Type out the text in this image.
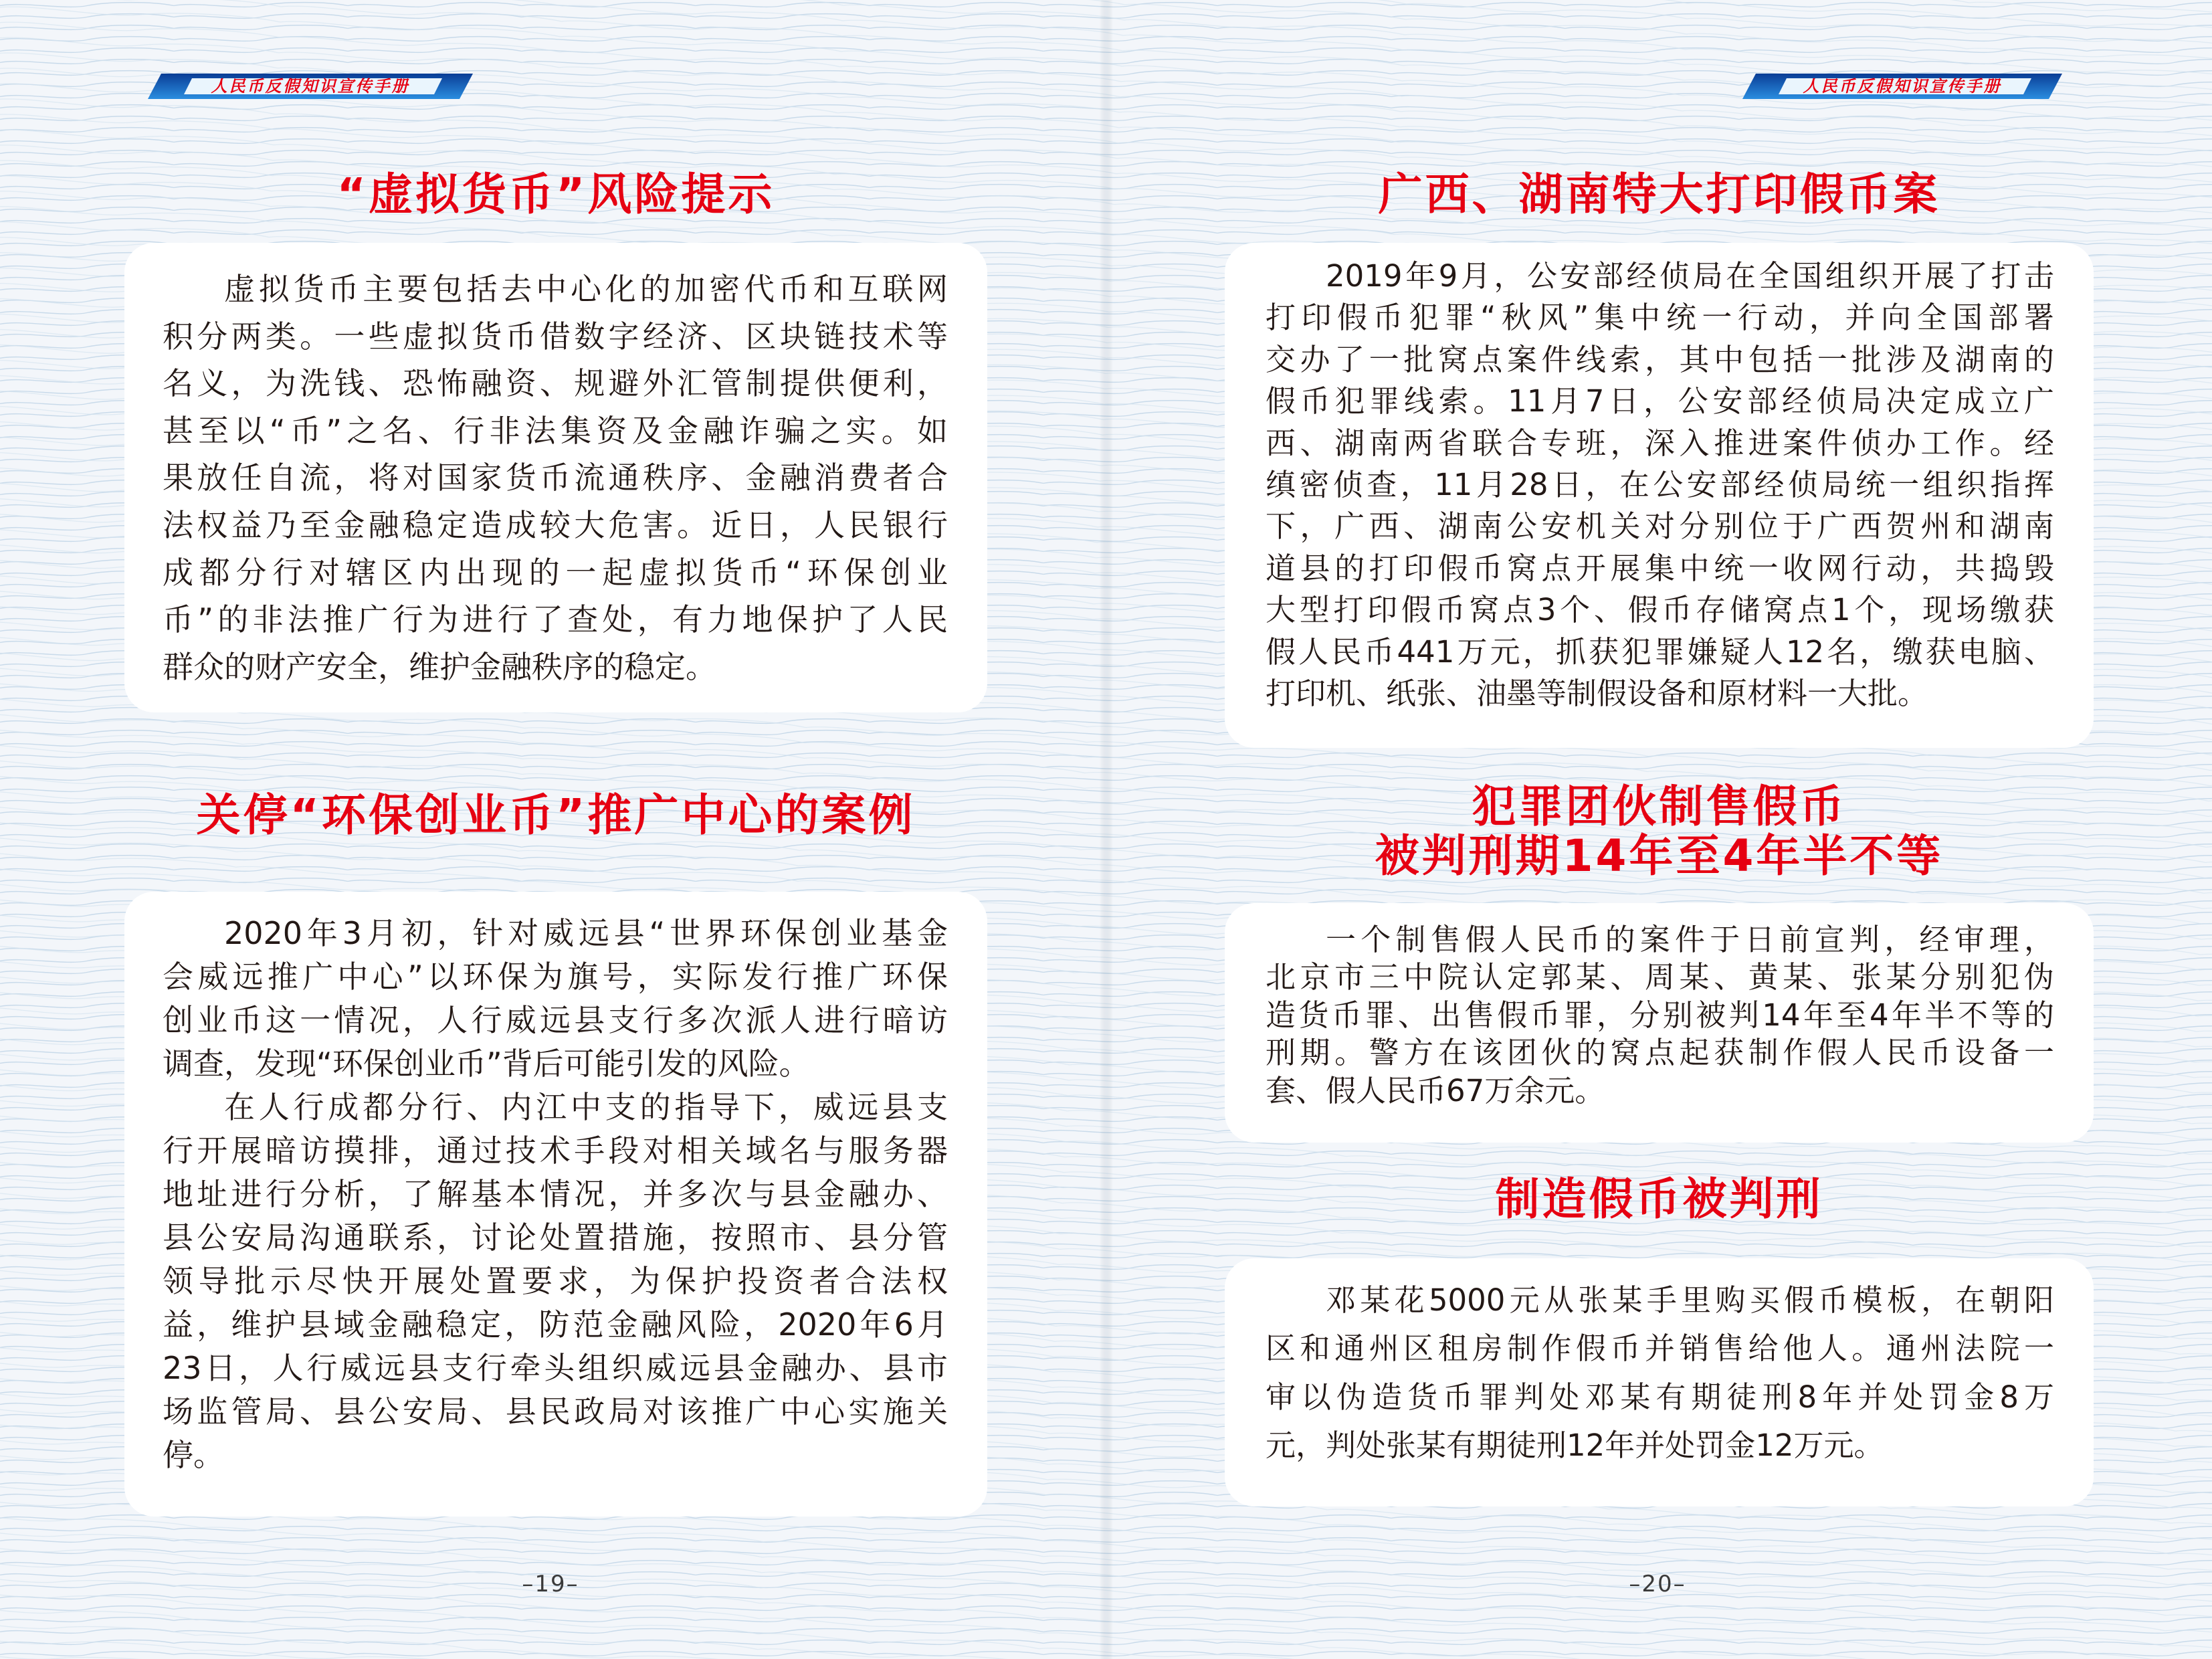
人民币反假知识宣传手册
“虚拟货币”风险提示
虚拟货币主要包括去中心化的加密代币和互联网
积分两类。一些虚拟货币借数字经济、区块链技术等
名义，为洗钱、恐怖融资、规避外汇管制提供便利，
甚至以“币”之名、行非法集资及金融诈骗之实。如
果放任自流，将对国家货币流通秩序、金融消费者合
法权益乃至金融稳定造成较大危害。近日，人民银行
成都分行对辖区内出现的一起虚拟货币“环保创业
币”的非法推广行为进行了查处，有力地保护了人民
群众的财产安全，维护金融秩序的稳定。
关停“环保创业币”推广中心的案例
2020年3月初，针对威远县“世界环保创业基金
会威远推广中心”以环保为旗号，实际发行推广环保
创业币这一情况，人行威远县支行多次派人进行暗访
调查，发现“环保创业币”背后可能引发的风险。
在人行成都分行、内江中支的指导下，威远县支
行开展暗访摸排，通过技术手段对相关域名与服务器
地址进行分析，了解基本情况，并多次与县金融办、
县公安局沟通联系，讨论处置措施，按照市、县分管
领导批示尽快开展处置要求，为保护投资者合法权
益，维护县域金融稳定，防范金融风险，2020年6月
23日，人行威远县支行牵头组织威远县金融办、县市
场监管局、县公安局、县民政局对该推广中心实施关
停。
–19–
人民币反假知识宣传手册
广西、湖南特大打印假币案
2019年9月，公安部经侦局在全国组织开展了打击
打印假币犯罪“秋风”集中统一行动，并向全国部署
交办了一批窝点案件线索，其中包括一批涉及湖南的
假币犯罪线索。11月7日，公安部经侦局决定成立广
西、湖南两省联合专班，深入推进案件侦办工作。经
缜密侦查，11月28日，在公安部经侦局统一组织指挥
下，广西、湖南公安机关对分别位于广西贺州和湖南
道县的打印假币窝点开展集中统一收网行动，共捣毁
大型打印假币窝点3个、假币存储窝点1个，现场缴获
假人民币441万元，抓获犯罪嫌疑人12名，缴获电脑、
打印机、纸张、油墨等制假设备和原材料一大批。
犯罪团伙制售假币
被判刑期14年至4年半不等
一个制售假人民币的案件于日前宣判，经审理，
北京市三中院认定郭某、周某、黄某、张某分别犯伪
造货币罪、出售假币罪，分别被判14年至4年半不等的
刑期。警方在该团伙的窝点起获制作假人民币设备一
套、假人民币67万余元。
制造假币被判刑
邓某花5000元从张某手里购买假币模板，在朝阳
区和通州区租房制作假币并销售给他人。通州法院一
审以伪造货币罪判处邓某有期徒刑8年并处罚金8万
元，判处张某有期徒刑12年并处罚金12万元。
–20–
